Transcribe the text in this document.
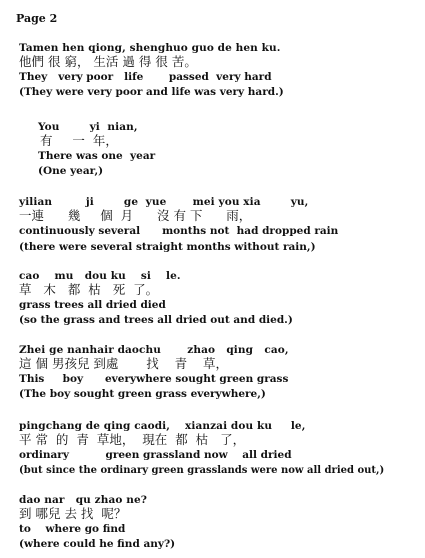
Page 2
Tamen hen qiong, shenghuo guo de hen ku.
他們 很 窮， 生活 過 得 很 苦。
They   very poor   life       passed  very hard
(They were very poor and life was very hard.)
You        yi  nian,
有     一  年，
There was one  year
(One year,)
yilian         ji        ge  yue       mei you xia        yu,
一連      幾     個  月      沒 有 下      雨，
continuously several      months not  had dropped rain
(there were several straight months without rain,)
cao    mu   dou ku    si    le.
草   木   都  枯   死  了。
grass trees all dried died
(so the grass and trees all dried out and died.)
Zhei ge nanhair daochu       zhao   qing   cao,
這 個 男孩兒 到處       找    青    草，
This     boy      everywhere sought green grass
(The boy sought green grass everywhere,)
pingchang de qing caodi,    xianzai dou ku     le,
平 常  的  青  草地，  現在  都  枯   了，
ordinary          green grassland now    all dried
(but since the ordinary green grasslands were now all dried out,)
dao nar   qu zhao ne?
到 哪兒 去 找  呢？
to    where go find
(where could he find any?)
